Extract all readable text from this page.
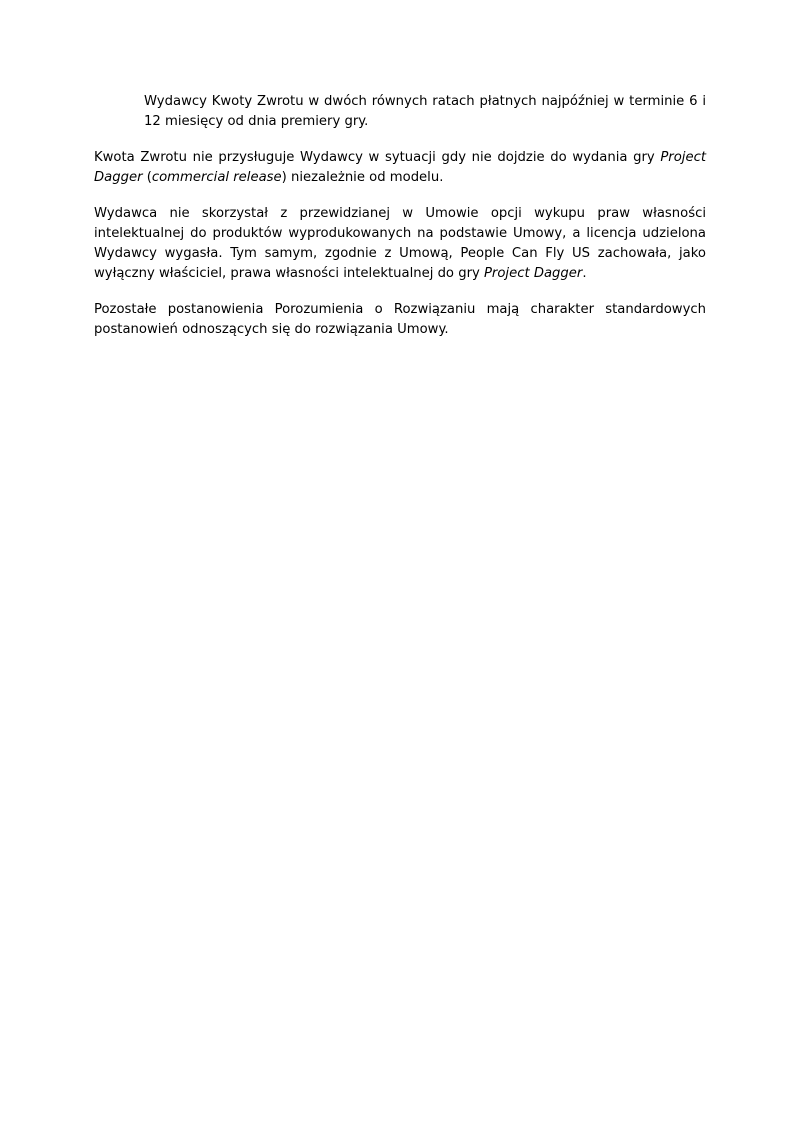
Wydawcy Kwoty Zwrotu w dwóch równych ratach płatnych najpóźniej w terminie 6 i 12 miesięcy od dnia premiery gry.

Kwota Zwrotu nie przysługuje Wydawcy w sytuacji gdy nie dojdzie do wydania gry Project Dagger (commercial release) niezależnie od modelu.

Wydawca nie skorzystał z przewidzianej w Umowie opcji wykupu praw własności intelektualnej do produktów wyprodukowanych na podstawie Umowy, a licencja udzielona Wydawcy wygasła. Tym samym, zgodnie z Umową, People Can Fly US zachowała, jako wyłączny właściciel, prawa własności intelektualnej do gry Project Dagger.

Pozostałe postanowienia Porozumienia o Rozwiązaniu mają charakter standardowych postanowień odnoszących się do rozwiązania Umowy.
